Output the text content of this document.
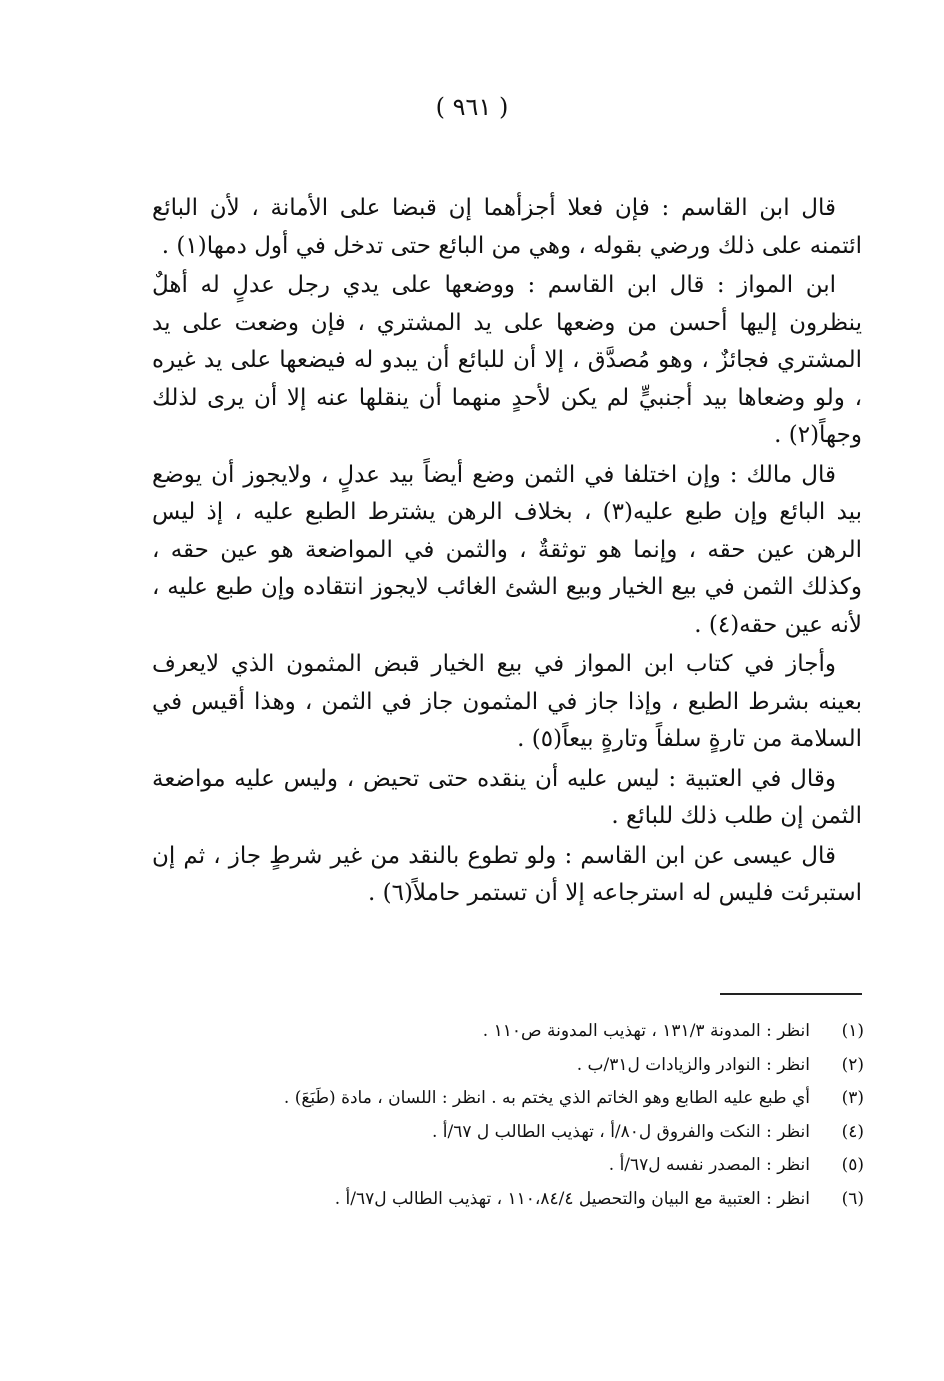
( ٩٦١ )

قال ابن القاسم : فإن فعلا أجزأهما إن قبضا على الأمانة ، لأن البائع ائتمنه على ذلك ورضي بقوله ، وهي من البائع حتى تدخل في أول دمها(١) .

ابن المواز : قال ابن القاسم : ووضعها على يدي رجل عدلٍ له أهلٌ ينظرون إليها أحسن من وضعها على يد المشتري ، فإن وضعت على يد المشتري فجائزٌ ، وهو مُصدَّق ، إلا أن للبائع أن يبدو له فيضعها على يد غيره ، ولو وضعاها بيد أجنبيٍّ لم يكن لأحدٍ منهما أن ينقلها عنه إلا أن يرى لذلك وجهاً(٢) .

قال مالك : وإن اختلفا في الثمن وضع أيضاً بيد عدلٍ ، ولايجوز أن يوضع بيد البائع وإن طبع عليه(٣) ، بخلاف الرهن يشترط الطبع عليه ، إذ ليس الرهن عين حقه ، وإنما هو توثقةٌ ، والثمن في المواضعة هو عين حقه ، وكذلك الثمن في بيع الخيار وبيع الشئ الغائب لايجوز انتقاده وإن طبع عليه ، لأنه عين حقه(٤) .

وأجاز في كتاب ابن المواز في بيع الخيار قبض المثمون الذي لايعرف بعينه بشرط الطبع ، وإذا جاز في المثمون جاز في الثمن ، وهذا أقيس في السلامة من تارةٍ سلفاً وتارةٍ بيعاً(٥) .

وقال في العتبية : ليس عليه أن ينقده حتى تحيض ، وليس عليه مواضعة الثمن إن طلب ذلك للبائع .

قال عيسى عن ابن القاسم : ولو تطوع بالنقد من غير شرطٍ جاز ، ثم إن استبرئت فليس له استرجاعه إلا أن تستمر حاملاً(٦) .

(١)
انظر : المدونة ١٣١/٣ ، تهذيب المدونة ص١١٠ .
(٢)
انظر : النوادر والزيادات ل٣١/ب .
(٣)
أي طبع عليه الطابع وهو الخاتم الذي يختم به . انظر : اللسان ، مادة (طَبَعَ) .
(٤)
انظر : النكت والفروق ل٨٠/أ ، تهذيب الطالب ل ٦٧/أ .
(٥)
انظر : المصدر نفسه ل٦٧/أ .
(٦)
انظر : العتبية مع البيان والتحصيل ١١٠،٨٤/٤ ، تهذيب الطالب ل٦٧/أ .
